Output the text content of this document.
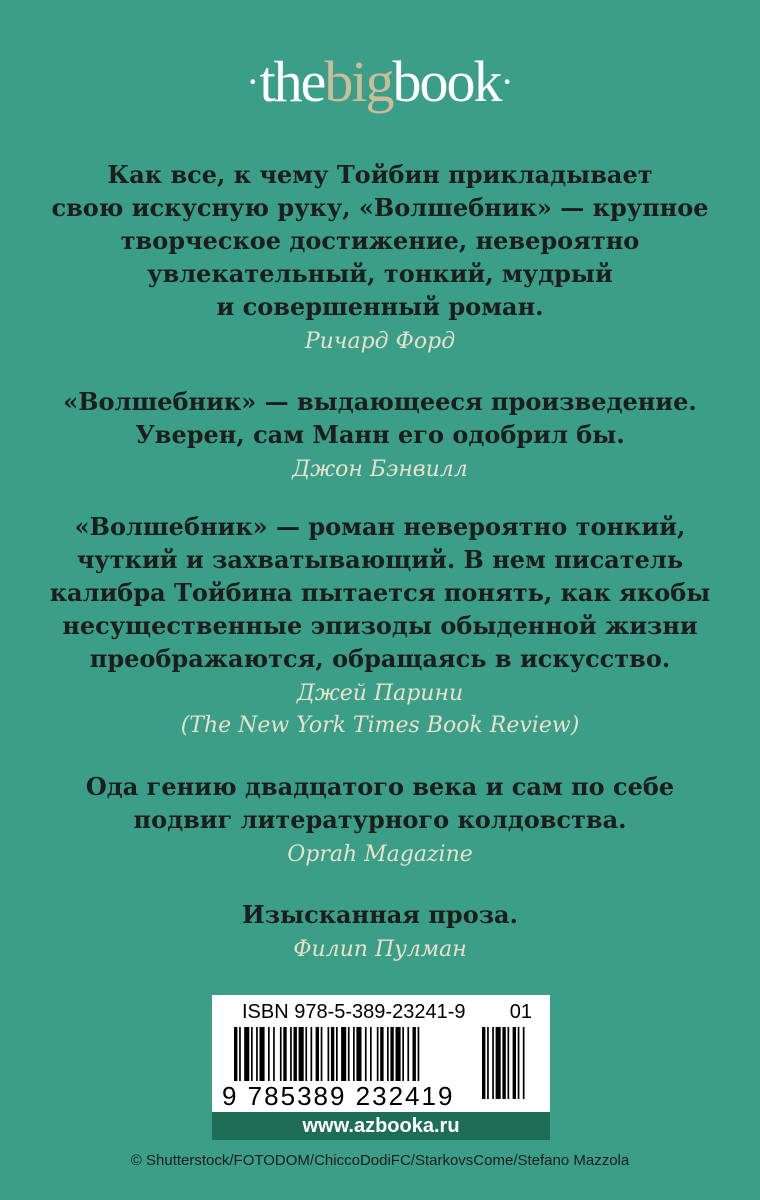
·thebigbook·

Как все, к чему Тойбин прикладывает
свою искусную руку, «Волшебник» — крупное
творческое достижение, невероятно
увлекательный, тонкий, мудрый
и совершенный роман.

Ричард Форд

«Волшебник» — выдающееся произведение.
Уверен, сам Манн его одобрил бы.

Джон Бэнвилл

«Волшебник» — роман невероятно тонкий,
чуткий и захватывающий. В нем писатель
калибра Тойбина пытается понять, как якобы
несущественные эпизоды обыденной жизни
преображаются, обращаясь в искусство.

Джей Парини
(The New York Times Book Review)

Ода гению двадцатого века и сам по себе
подвиг литературного колдовства.

Oprah Magazine

Изысканная проза.

Филип Пулман

ISBN 978-5-389-23241-9 01
9 785389 232419
www.azbooka.ru
© Shutterstock/FOTODOM/ChiccoDodiFC/StarkovsCome/Stefano Mazzola
